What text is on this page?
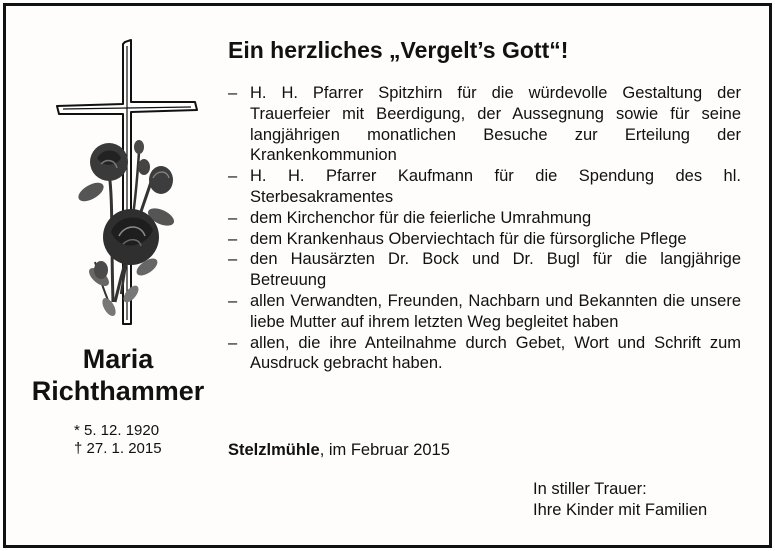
Maria
Richthammer
* 5. 12. 1920
† 27. 1. 2015
Ein herzliches „Vergelt’s Gott“!
– H. H. Pfarrer Spitzhirn für die würdevolle Gestaltung der Trauerfeier mit Beerdigung, der Aussegnung sowie für seine langjährigen monatlichen Besuche zur Erteilung der Krankenkommunion
– H. H. Pfarrer Kaufmann für die Spendung des hl. Sterbesakramentes
– dem Kirchenchor für die feierliche Umrahmung
– dem Krankenhaus Oberviechtach für die fürsorgliche Pflege
– den Hausärzten Dr. Bock und Dr. Bugl für die langjährige Betreuung
– allen Verwandten, Freunden, Nachbarn und Bekannten die unsere liebe Mutter auf ihrem letzten Weg begleitet haben
– allen, die ihre Anteilnahme durch Gebet, Wort und Schrift zum Ausdruck gebracht haben.
Stelzlmühle, im Februar 2015
In stiller Trauer:
Ihre Kinder mit Familien
